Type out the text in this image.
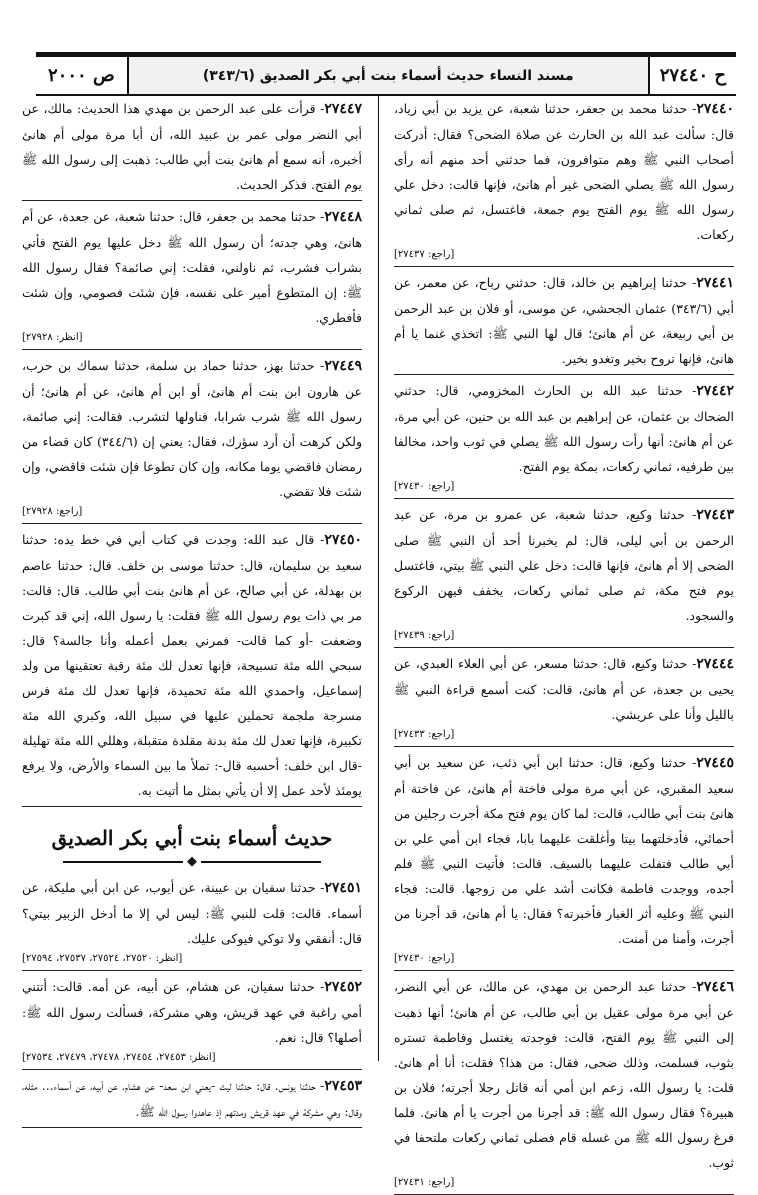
ح ٢٧٤٤٠
مسند النساء حديث أسماء بنت أبي بكر الصديق (٣٤٣/٦)
ص ٢٠٠٠

٢٧٤٤٠- حدثنا محمد بن جعفر، حدثنا شعبة، عن يزيد بن أبي زياد، قال: سألت عبد الله بن الحارث عن صلاة الضحى؟ فقال: أدركت أصحاب النبي ﷺ وهم متوافرون، فما حدثني أحد منهم أنه رأى رسول الله ﷺ يصلي الضحى غير أم هانئ، فإنها قالت: دخل علي رسول الله ﷺ يوم الفتح يوم جمعة، فاغتسل، ثم صلى ثماني ركعات.

[راجع: ٢٧٤٣٧]

٢٧٤٤١- حدثنا إبراهيم بن خالد، قال: حدثني رباح، عن معمر، عن أبي (٣٤٣/٦) عثمان الجحشي، عن موسى، أو فلان بن عبد الرحمن بن أبي ربيعة، عن أم هانئ؛ قال لها النبي ﷺ: اتخذي غنما يا أم هانئ، فإنها تروح بخير وتغدو بخير.

٢٧٤٤٢- حدثنا عبد الله بن الحارث المخزومي، قال: حدثني الضحاك بن عثمان، عن إبراهيم بن عبد الله بن حنين، عن أبي مرة، عن أم هانئ: أنها رأت رسول الله ﷺ يصلي في ثوب واحد، مخالفا بين طرفيه، ثماني ركعات، بمكة يوم الفتح.

[راجع: ٢٧٤٣٠]

٢٧٤٤٣- حدثنا وكيع، حدثنا شعبة، عن عمرو بن مرة، عن عبد الرحمن بن أبي ليلى، قال: لم يخبرنا أحد أن النبي ﷺ صلى الضحى إلا أم هانئ، فإنها قالت: دخل علي النبي ﷺ بيتي، فاغتسل يوم فتح مكة، ثم صلى ثماني ركعات، يخفف فيهن الركوع والسجود.

[راجع: ٢٧٤٣٩]

٢٧٤٤٤- حدثنا وكيع، قال: حدثنا مسعر، عن أبي العلاء العبدي، عن يحيى بن جعدة، عن أم هانئ، قالت: كنت أسمع قراءة النبي ﷺ بالليل وأنا على عريشي.

[راجع: ٢٧٤٣٣]

٢٧٤٤٥- حدثنا وكيع، قال: حدثنا ابن أبي ذئب، عن سعيد بن أبي سعيد المقبري، عن أبي مرة مولى فاختة أم هانئ، عن فاختة أم هانئ بنت أبي طالب، قالت: لما كان يوم فتح مكة أجرت رجلين من أحمائي، فأدخلتهما بيتا وأغلقت عليهما بابا، فجاء ابن أمي علي بن أبي طالب فتفلت عليهما بالسيف. قالت: فأتيت النبي ﷺ فلم أجده، ووجدت فاطمة فكانت أشد علي من زوجها. قالت: فجاء النبي ﷺ وعليه أثر الغبار فأخبرته؟ فقال: يا أم هانئ، قد أجرنا من أجرت، وأمنا من أمنت.

[راجع: ٢٧٤٣٠]

٢٧٤٤٦- حدثنا عبد الرحمن بن مهدي، عن مالك، عن أبي النضر، عن أبي مرة مولى عقيل بن أبي طالب، عن أم هانئ؛ أنها ذهبت إلى النبي ﷺ يوم الفتح، قالت: فوجدته يغتسل وفاطمة تستره بثوب، فسلمت، وذلك ضحى، فقال: من هذا؟ فقلت: أنا أم هانئ. قلت: يا رسول الله، زعم ابن أمي أنه قاتل رجلا أجرته؛ فلان بن هبيرة؟ فقال رسول الله ﷺ: قد أجرنا من أجرت يا أم هانئ. فلما فرغ رسول الله ﷺ من غسله قام فصلى ثماني ركعات ملتحفا في ثوب.

[راجع: ٢٧٤٣١]

٢٧٤٤٧- قرأت على عبد الرحمن بن مهدي هذا الحديث: مالك، عن أبي النضر مولى عمر بن عبيد الله، أن أبا مرة مولى أم هانئ أخبره، أنه سمع أم هانئ بنت أبي طالب: ذهبت إلى رسول الله ﷺ يوم الفتح. فذكر الحديث.

٢٧٤٤٨- حدثنا محمد بن جعفر، قال: حدثنا شعبة، عن جعدة، عن أم هانئ، وهي جدته؛ أن رسول الله ﷺ دخل عليها يوم الفتح فأتي بشراب فشرب، ثم ناولني، فقلت: إني صائمة؟ فقال رسول الله ﷺ: إن المتطوع أمير على نفسه، فإن شئت فصومي، وإن شئت فأفطري.

[انظر: ٢٧٩٢٨]

٢٧٤٤٩- حدثنا بهز، حدثنا حماد بن سلمة، حدثنا سماك بن حرب، عن هارون ابن بنت أم هانئ، أو ابن أم هانئ، عن أم هانئ؛ أن رسول الله ﷺ شرب شرابا، فناولها لتشرب. فقالت: إني صائمة، ولكن كرهت أن أرد سؤرك، فقال: يعني إن (٣٤٤/٦) كان قضاء من رمضان فاقضي يوما مكانه، وإن كان تطوعا فإن شئت فاقضي، وإن شئت فلا تقضي.

[راجع: ٢٧٩٢٨]

٢٧٤٥٠- قال عبد الله: وجدت في كتاب أبي في خط يده: حدثنا سعيد بن سليمان، قال: حدثنا موسى بن خلف. قال: حدثنا عاصم بن بهدلة، عن أبي صالح، عن أم هانئ بنت أبي طالب. قال: قالت: مر بي ذات يوم رسول الله ﷺ فقلت: يا رسول الله، إني قد كبرت وضعفت -أو كما قالت- فمرني بعمل أعمله وأنا جالسة؟ قال: سبحي الله مئة تسبيحة، فإنها تعدل لك مئة رقبة تعتقينها من ولد إسماعيل، واحمدي الله مئة تحميدة، فإنها تعدل لك مئة فرس مسرجة ملجمة تحملين عليها في سبيل الله، وكبري الله مئة تكبيرة، فإنها تعدل لك مئة بدنة مقلدة متقبلة، وهللي الله مئة تهليلة -قال ابن خلف: أحسبه قال-: تملأ ما بين السماء والأرض، ولا يرفع يومئذ لأحد عمل إلا أن يأتي بمثل ما أتيت به.

حديث أسماء بنت أبي بكر الصديق
◆

٢٧٤٥١- حدثنا سفيان بن عيينة، عن أيوب، عن ابن أبي مليكة، عن أسماء. قالت: قلت للنبي ﷺ: ليس لي إلا ما أدخل الزبير بيتي؟ قال: أنفقي ولا توكي فيوكى عليك.

[انظر: ٢٧٥٢٠، ٢٧٥٢٤، ٢٧٥٣٧، ٢٧٥٩٤]

٢٧٤٥٢- حدثنا سفيان، عن هشام، عن أبيه، عن أمه. قالت: أتتني أمي راغبة في عهد قريش، وهي مشركة، فسألت رسول الله ﷺ: أصلها؟ قال: نعم.

[انظر: ٢٧٤٥٣، ٢٧٤٥٤، ٢٧٤٧٨، ٢٧٤٧٩، ٢٧٥٣٤]

٢٧٤٥٣- حدثنا يونس. قال: حدثنا ليث -يعني ابن سعد- عن هشام، عن أبيه، عن أسماء... مثله، وقال: وهي مشركة في عهد قريش ومدتهم إذ عاهدوا رسول الله ﷺ.
